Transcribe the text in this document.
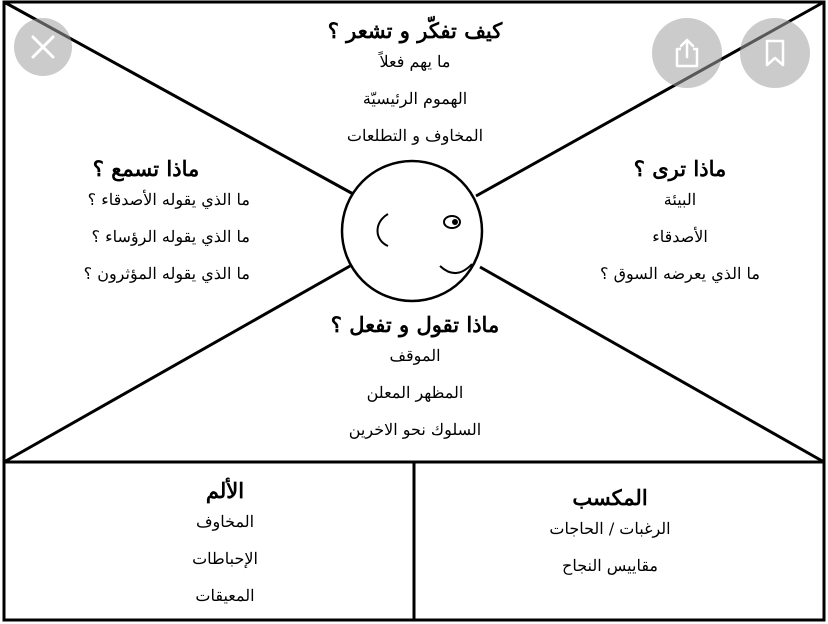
كيف تفكّر و تشعر ؟
ما يهم فعلاً
الهموم الرئيسيّة
المخاوف و التطلعات
ماذا تسمع ؟
ما الذي يقوله الأصدقاء ؟
ما الذي يقوله الرؤساء ؟
ما الذي يقوله المؤثرون ؟
ماذا ترى ؟
البيئة
الأصدقاء
ما الذي يعرضه السوق ؟
ماذا تقول و تفعل ؟
الموقف
المظهر المعلن
السلوك نحو الاخرين
الألم
المخاوف
الإحباطات
المعيقات
المكسب
الرغبات / الحاجات
مقاييس النجاح
